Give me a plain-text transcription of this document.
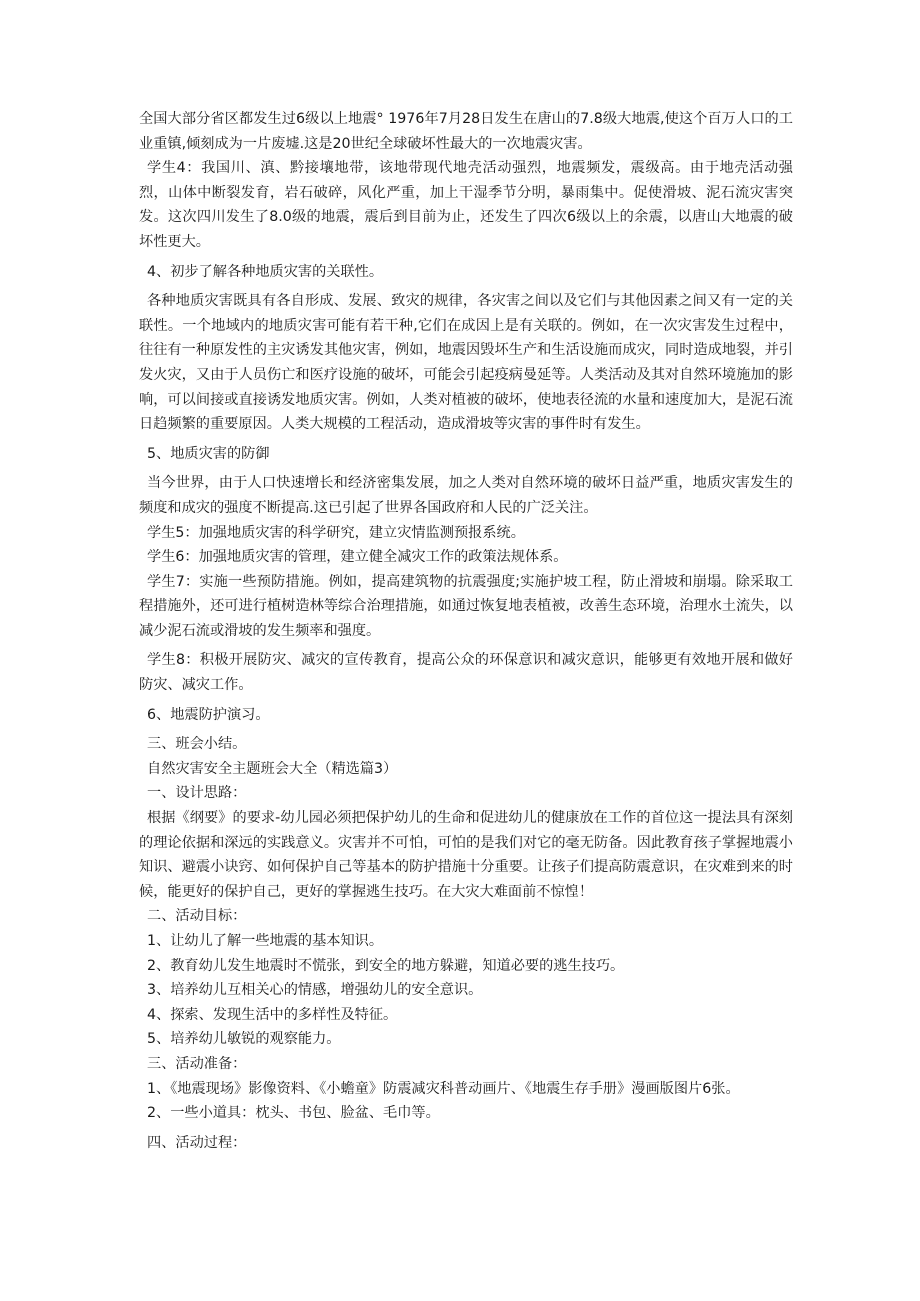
全国大部分省区都发生过6级以上地震° 1976年7月28日发生在唐山的7.8级大地震,使这个百万人口的工业重镇,倾刻成为一片废墟.这是20世纪全球破坏性最大的一次地震灾害。

学生4：我国川、滇、黔接壤地带，该地带现代地壳活动强烈，地震频发，震级高。由于地壳活动强烈，山体中断裂发育，岩石破碎，风化严重，加上干湿季节分明，暴雨集中。促使滑坡、泥石流灾害突发。这次四川发生了8.0级的地震，震后到目前为止，还发生了四次6级以上的余震，以唐山大地震的破坏性更大。

4、初步了解各种地质灾害的关联性。

各种地质灾害既具有各自形成、发展、致灾的规律，各灾害之间以及它们与其他因素之间又有一定的关联性。一个地域内的地质灾害可能有若干种,它们在成因上是有关联的。例如，在一次灾害发生过程中，往往有一种原发性的主灾诱发其他灾害，例如，地震因毁坏生产和生活设施而成灾，同时造成地裂，并引发火灾，又由于人员伤亡和医疗设施的破坏，可能会引起疫病曼延等。人类活动及其对自然环境施加的影响，可以间接或直接诱发地质灾害。例如，人类对植被的破坏，使地表径流的水量和速度加大，是泥石流日趋频繁的重要原因。人类大规模的工程活动，造成滑坡等灾害的事件时有发生。

5、地质灾害的防御

当今世界，由于人口快速增长和经济密集发展，加之人类对自然环境的破坏日益严重，地质灾害发生的频度和成灾的强度不断提高.这已引起了世界各国政府和人民的广泛关注。

学生5：加强地质灾害的科学研究，建立灾情监测预报系统。

学生6：加强地质灾害的管理，建立健全减灾工作的政策法规体系。

学生7：实施一些预防措施。例如，提高建筑物的抗震强度;实施护坡工程，防止滑坡和崩塌。除采取工程措施外，还可进行植树造林等综合治理措施，如通过恢复地表植被，改善生态环境，治理水土流失，以减少泥石流或滑坡的发生频率和强度。

学生8：积极开展防灾、减灾的宣传教育，提高公众的环保意识和减灾意识，能够更有效地开展和做好防灾、减灾工作。

6、地震防护演习。

三、班会小结。

自然灾害安全主题班会大全（精选篇3）

一、设计思路：

根据《纲要》的要求-幼儿园必须把保护幼儿的生命和促进幼儿的健康放在工作的首位这一提法具有深刻的理论依据和深远的实践意义。灾害并不可怕，可怕的是我们对它的毫无防备。因此教育孩子掌握地震小知识、避震小诀窍、如何保护自己等基本的防护措施十分重要。让孩子们提高防震意识，在灾难到来的时候，能更好的保护自己，更好的掌握逃生技巧。在大灾大难面前不惊惶！

二、活动目标：

1、让幼儿了解一些地震的基本知识。

2、教育幼儿发生地震时不慌张，到安全的地方躲避，知道必要的逃生技巧。

3、培养幼儿互相关心的情感，增强幼儿的安全意识。

4、探索、发现生活中的多样性及特征。

5、培养幼儿敏锐的观察能力。

三、活动准备：

1、《地震现场》影像资料、《小蟾童》防震减灾科普动画片、《地震生存手册》漫画版图片6张。

2、一些小道具：枕头、书包、脸盆、毛巾等。

四、活动过程：
